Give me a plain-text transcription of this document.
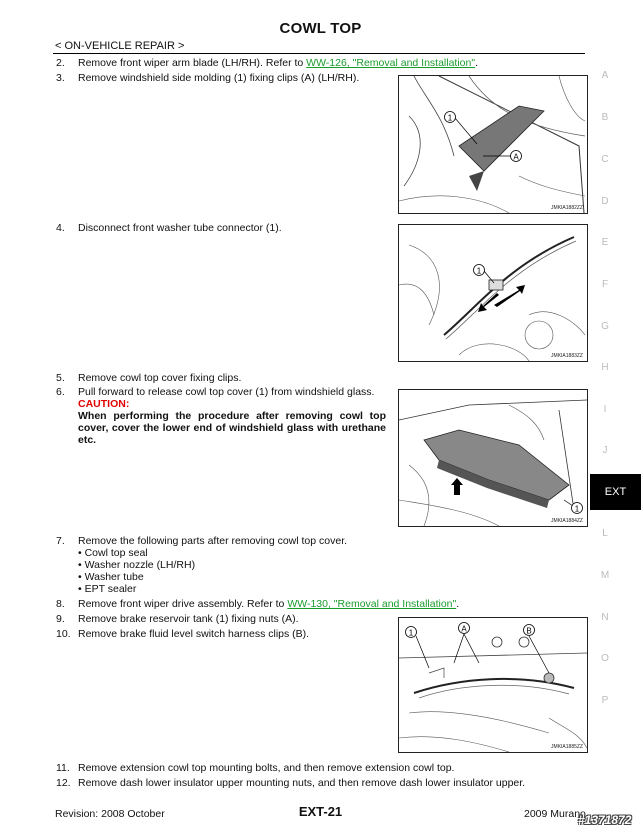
COWL TOP
< ON-VEHICLE REPAIR >
2. Remove front wiper arm blade (LH/RH). Refer to WW-126, "Removal and Installation".
3. Remove windshield side molding (1) fixing clips (A) (LH/RH).
1
A
JMKIA1882ZZ
4. Disconnect front washer tube connector (1).
1
JMKIA1883ZZ
5. Remove cowl top cover fixing clips.
6. Pull forward to release cowl top cover (1) from windshield glass.
CAUTION:
When performing the procedure after removing cowl top cover, cover the lower end of windshield glass with urethane etc.
1
JMKIA1884ZZ
7. Remove the following parts after removing cowl top cover.
• Cowl top seal
• Washer nozzle (LH/RH)
• Washer tube
• EPT sealer
8. Remove front wiper drive assembly. Refer to WW-130, "Removal and Installation".
9. Remove brake reservoir tank (1) fixing nuts (A).
10. Remove brake fluid level switch harness clips (B).	1	A	B
JMKIA1885ZZ
11. Remove extension cowl top mounting bolts, and then remove extension cowl top.
12. Remove dash lower insulator upper mounting nuts, and then remove dash lower insulator upper.
A
B
C
D
E
F
G
H
I
J
L
M
N
O
P
EXT
Revision: 2008 October	EXT-21	2009 Murano
#1371872
